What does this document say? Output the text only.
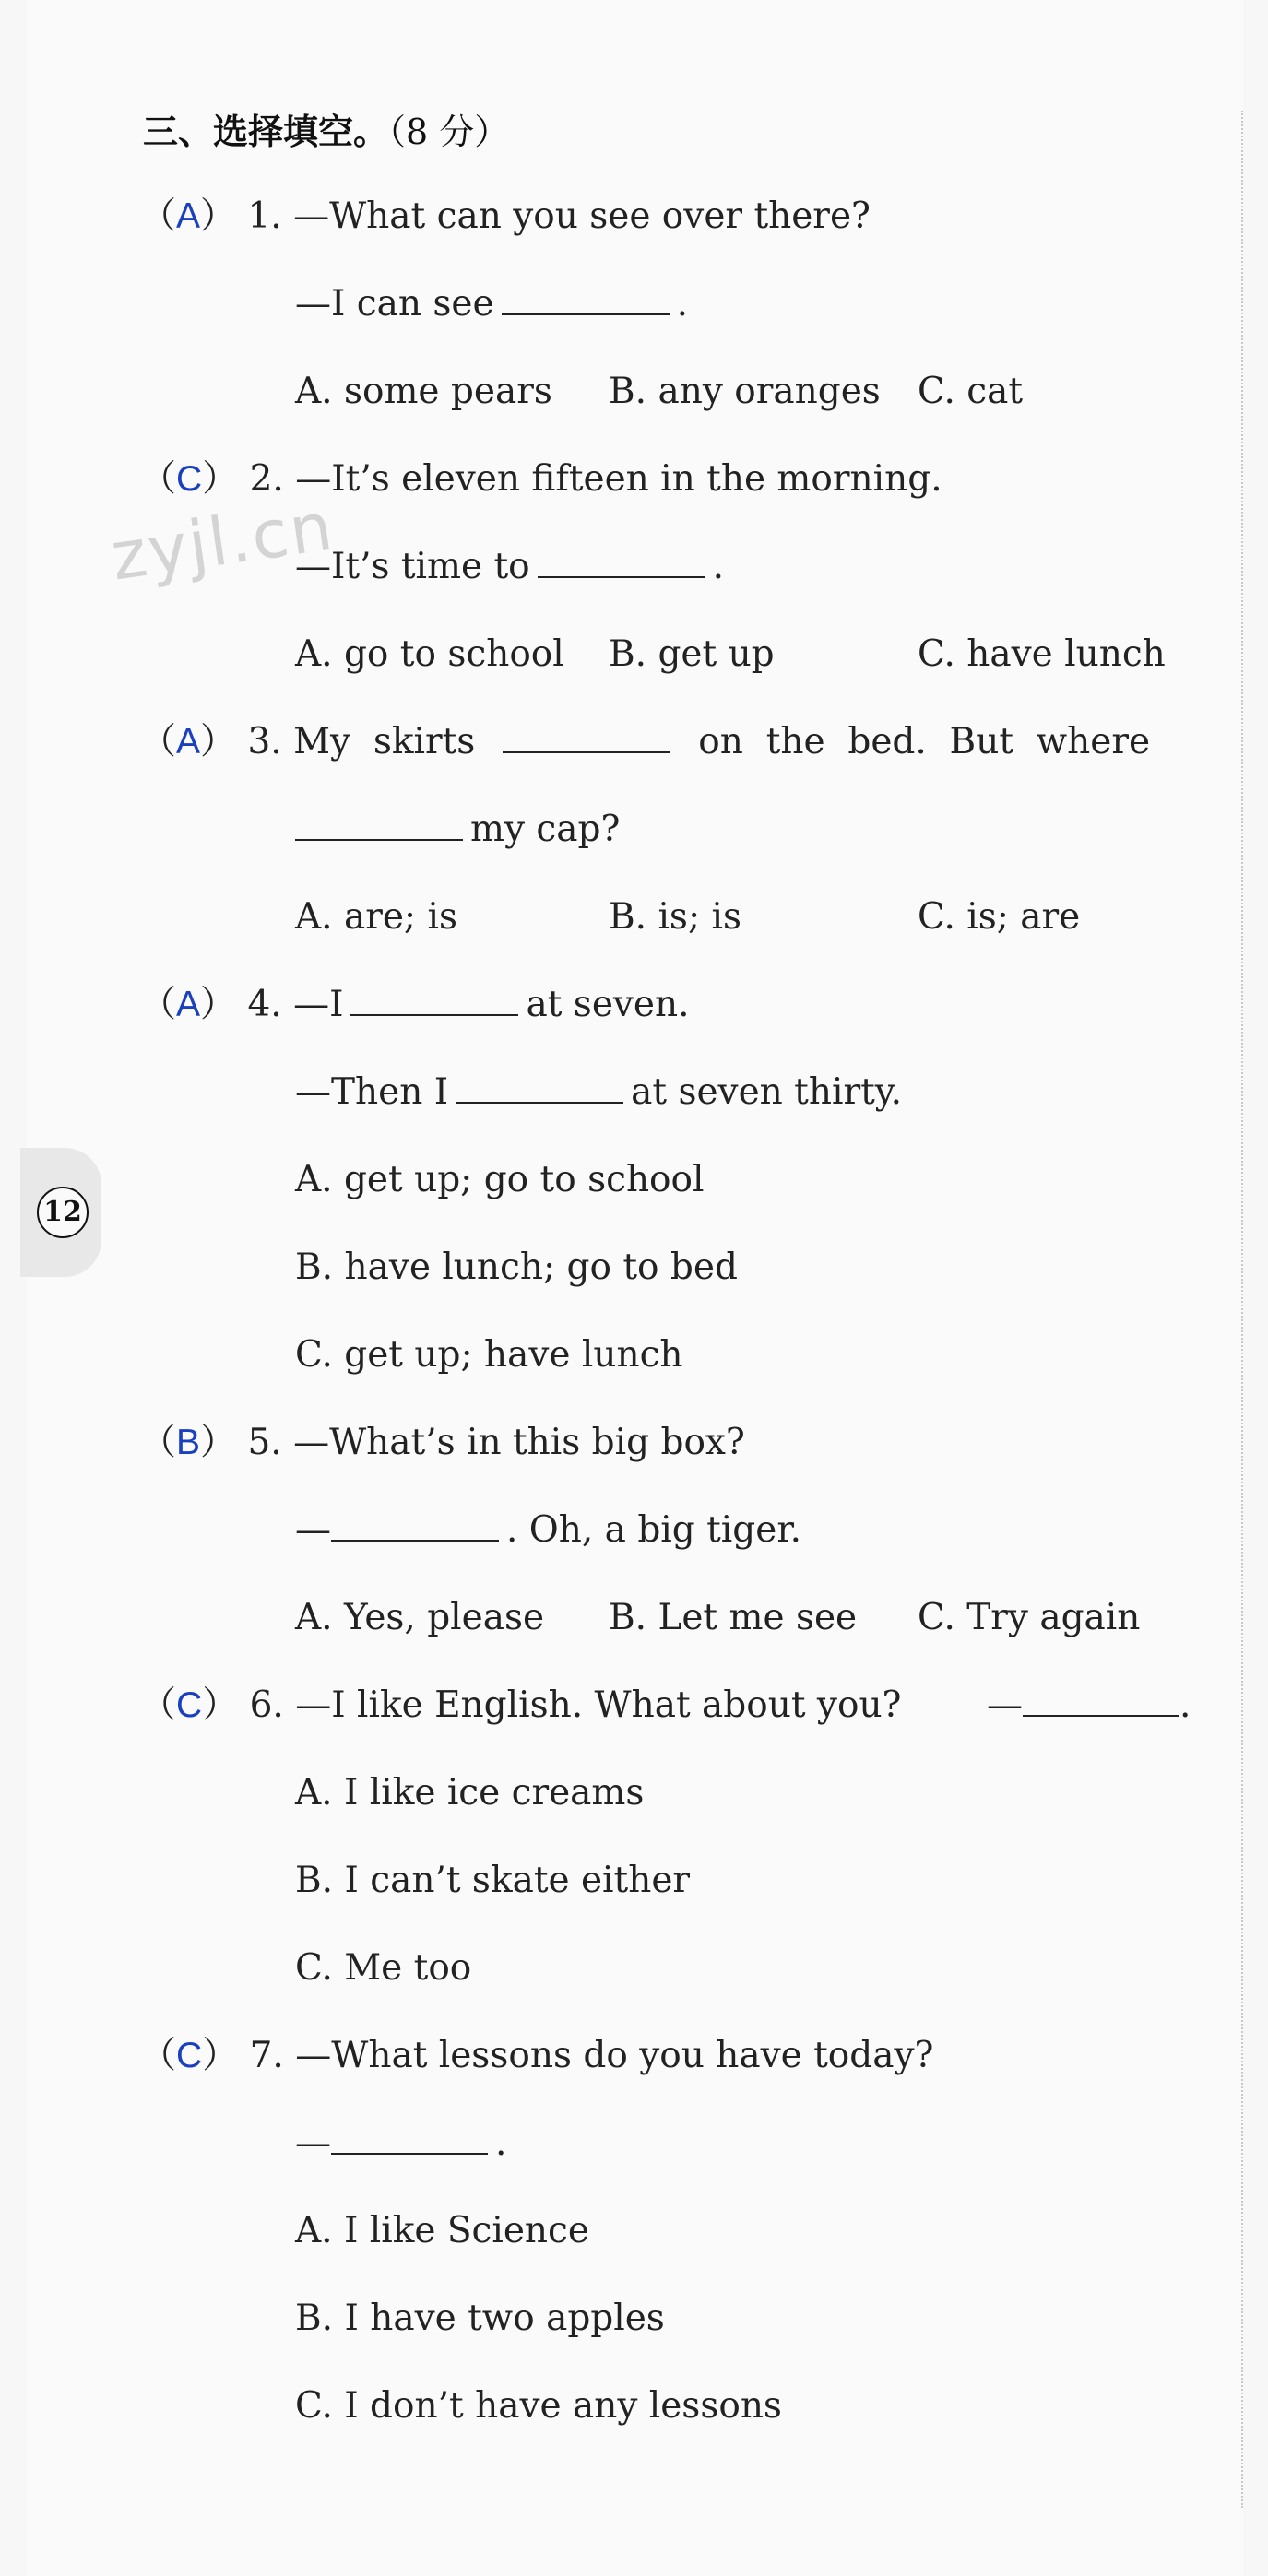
三、选择填空。（8 分）
zyjl.cn
12
（A） 1. —What can you see over there?
—I can see	.
A. some pears B. any oranges C. cat
（C） 2. —It’s eleven fifteen in the morning.
—It’s time to	.
A. go to school B. get up	C. have lunch
（A） 3. My  skirts	on  the  bed.  But  where
my cap?
A. are; is	B. is; is	C. is; are
（A） 4. —I	at seven.
—Then I	at seven thirty.
A. get up; go to school
B. have lunch; go to bed
C. get up; have lunch
（B） 5. —What’s in this big box?
—	. Oh, a big tiger.
A. Yes, please B. Let me see C. Try again
（C） 6. —I like English. What about you? —	.
A. I like ice creams
B. I can’t skate either
C. Me too
（C） 7. —What lessons do you have today?
—	.
A. I like Science
B. I have two apples
C. I don’t have any lessons
